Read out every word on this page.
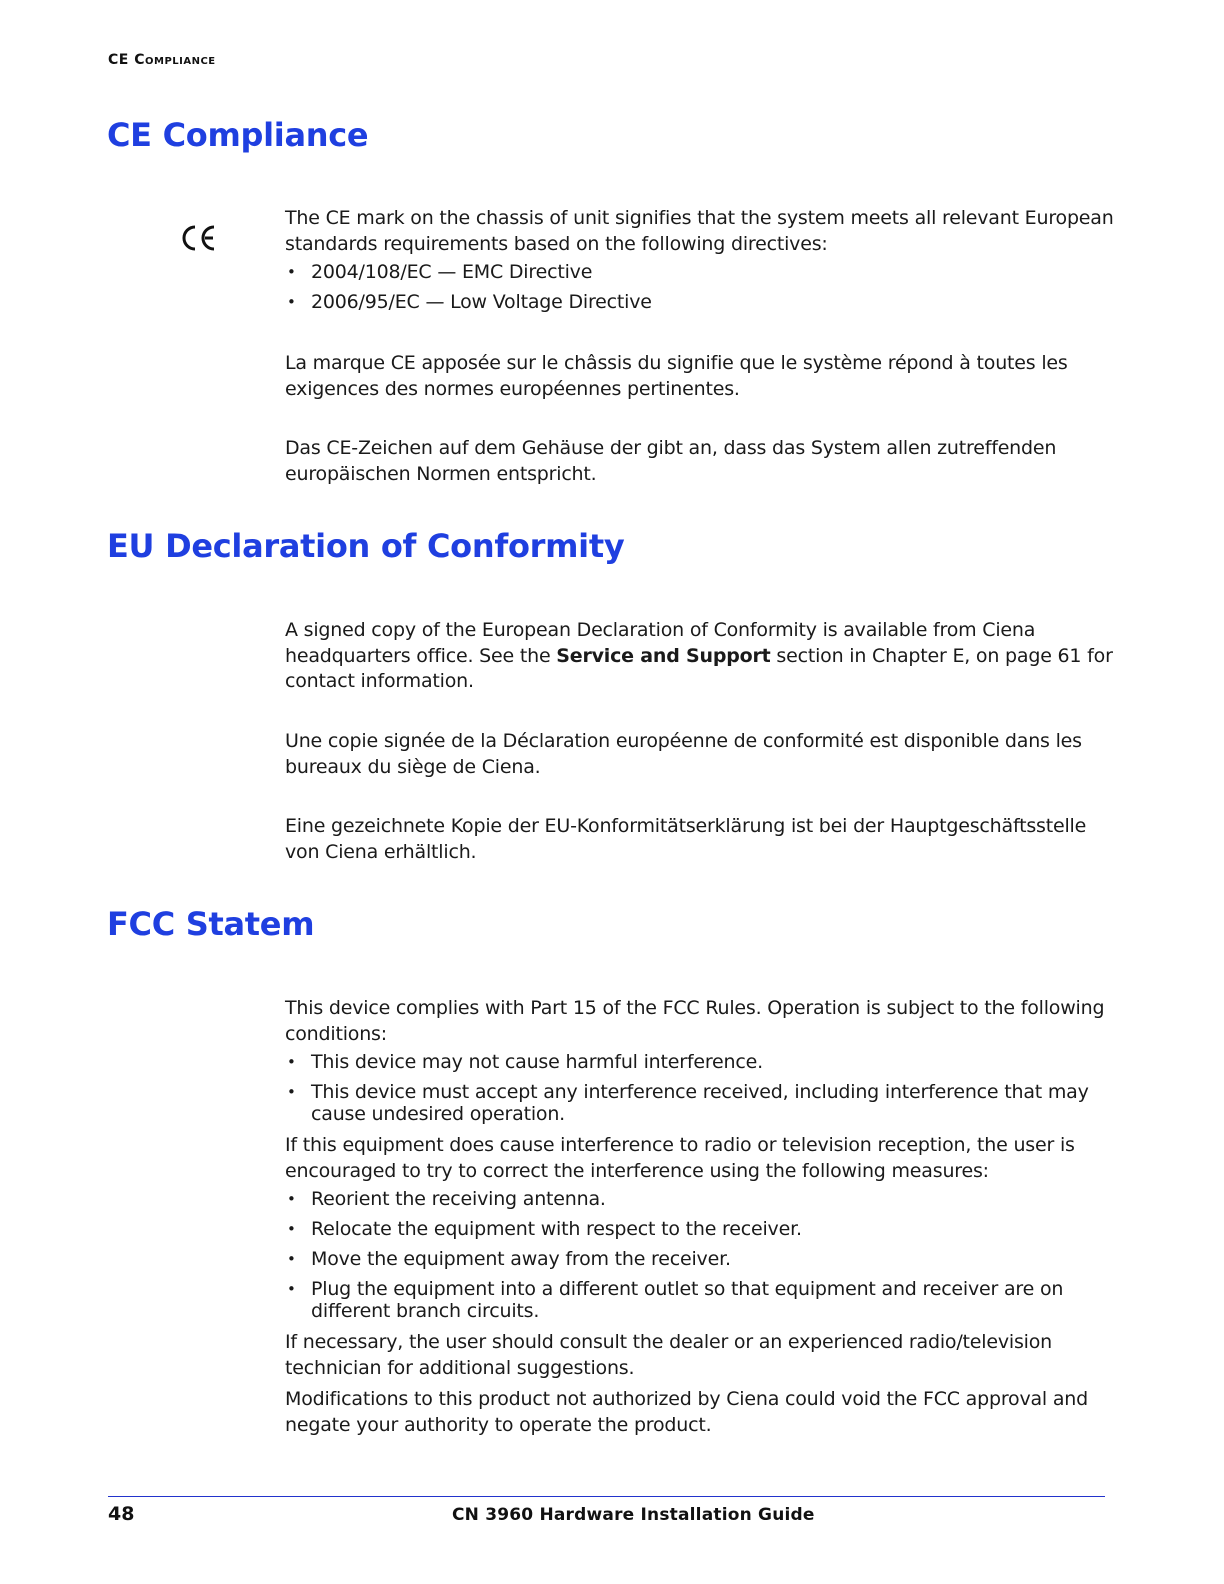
CE Compliance
CE Compliance

The CE mark on the chassis of unit signifies that the system meets all relevant European standards requirements based on the following directives:

• 2004/108/EC — EMC Directive
• 2006/95/EC — Low Voltage Directive

La marque CE apposée sur le châssis du signifie que le système répond à toutes les exigences des normes européennes pertinentes.

Das CE-Zeichen auf dem Gehäuse der gibt an, dass das System allen zutreffenden europäischen Normen entspricht.

EU Declaration of Conformity

A signed copy of the European Declaration of Conformity is available from Ciena headquarters office. See the Service and Support section in Chapter E, on page 61 for contact information.

Une copie signée de la Déclaration européenne de conformité est disponible dans les bureaux du siège de Ciena.

Eine gezeichnete Kopie der EU-Konformitätserklärung ist bei der Hauptgeschäftsstelle von Ciena erhältlich.

FCC Statem

This device complies with Part 15 of the FCC Rules. Operation is subject to the following conditions:

• This device may not cause harmful interference.
• This device must accept any interference received, including interference that may cause undesired operation.

If this equipment does cause interference to radio or television reception, the user is encouraged to try to correct the interference using the following measures:

• Reorient the receiving antenna.
• Relocate the equipment with respect to the receiver.
• Move the equipment away from the receiver.
• Plug the equipment into a different outlet so that equipment and receiver are on different branch circuits.

If necessary, the user should consult the dealer or an experienced radio/television technician for additional suggestions.

Modifications to this product not authorized by Ciena could void the FCC approval and negate your authority to operate the product.

48	CN 3960 Hardware Installation Guide
